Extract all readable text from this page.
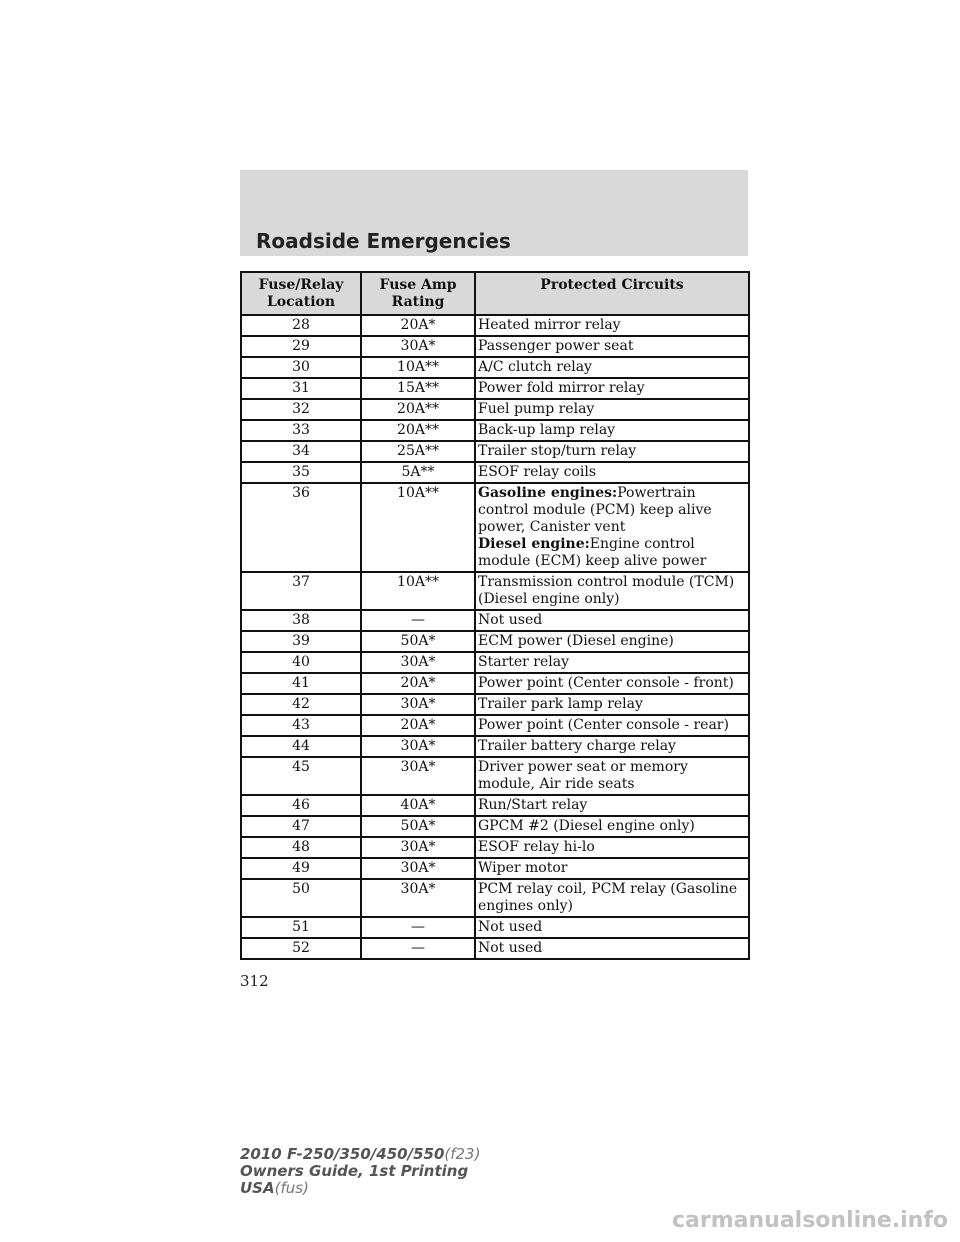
Roadside Emergencies
Fuse/Relay Location	Fuse Amp Rating	Protected Circuits
28	20A*	Heated mirror relay
29	30A*	Passenger power seat
30	10A**	A/C clutch relay
31	15A**	Power fold mirror relay
32	20A**	Fuel pump relay
33	20A**	Back-up lamp relay
34	25A**	Trailer stop/turn relay
35	5A**	ESOF relay coils
36	10A**	Gasoline engines:Powertrain control module (PCM) keep alive power, Canister vent
Diesel engine:Engine control module (ECM) keep alive power

37	10A**	Transmission control module (TCM) (Diesel engine only)
38	—	Not used
39	50A*	ECM power (Diesel engine)
40	30A*	Starter relay
41	20A*	Power point (Center console - front)
42	30A*	Trailer park lamp relay
43	20A*	Power point (Center console - rear)
44	30A*	Trailer battery charge relay
45	30A*	Driver power seat or memory module, Air ride seats
46	40A*	Run/Start relay
47	50A*	GPCM #2 (Diesel engine only)
48	30A*	ESOF relay hi-lo
49	30A*	Wiper motor
50	30A*	PCM relay coil, PCM relay (Gasoline engines only)
51	—	Not used
52	—	Not used
312
2010 F-250/350/450/550(f23)
Owners Guide, 1st Printing
USA(fus)
carmanualsonline.info
